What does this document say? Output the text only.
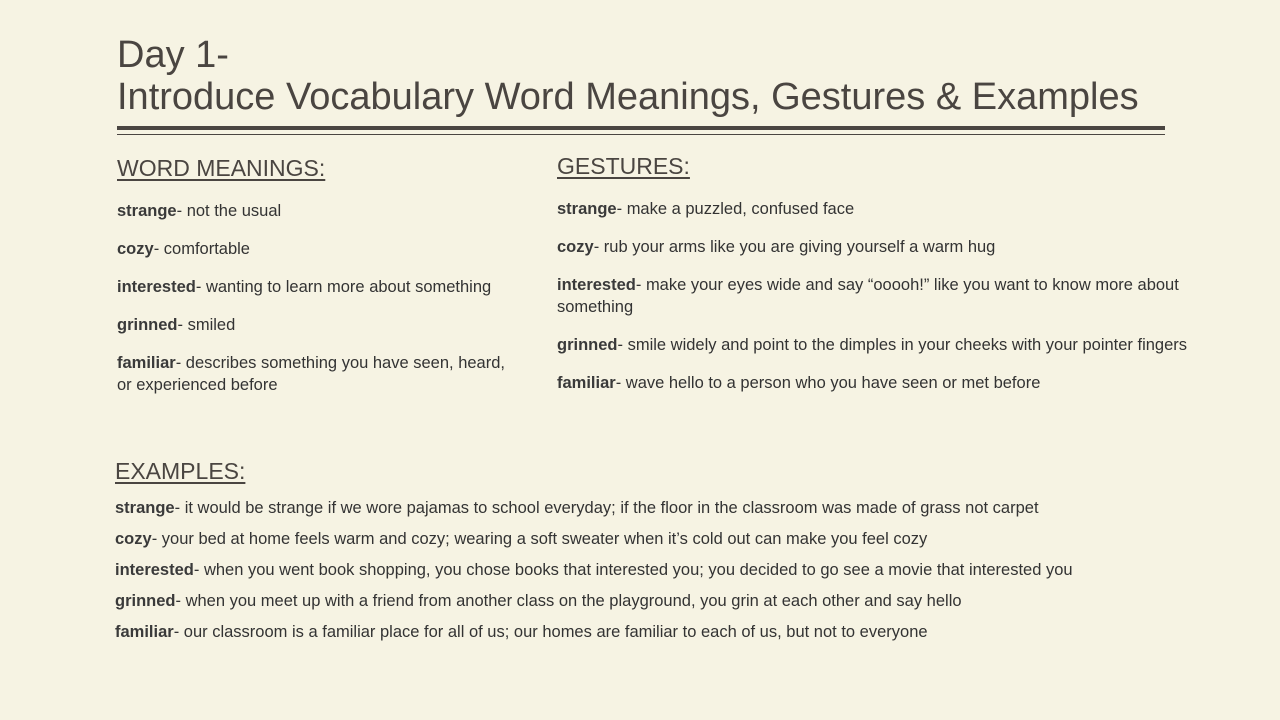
Day 1-
Introduce Vocabulary Word Meanings, Gestures & Examples
WORD MEANINGS:

strange- not the usual

cozy- comfortable

interested- wanting to learn more about something

grinned- smiled

familiar- describes something you have seen, heard, or experienced before

GESTURES:

strange- make a puzzled, confused face

cozy- rub your arms like you are giving yourself a warm hug

interested- make your eyes wide and say “ooooh!” like you want to know more about something

grinned- smile widely and point to the dimples in your cheeks with your pointer fingers

familiar- wave hello to a person who you have seen or met before

EXAMPLES:

strange- it would be strange if we wore pajamas to school everyday; if the floor in the classroom was made of grass not carpet

cozy- your bed at home feels warm and cozy; wearing a soft sweater when it’s cold out can make you feel cozy

interested- when you went book shopping, you chose books that interested you; you decided to go see a movie that interested you

grinned- when you meet up with a friend from another class on the playground, you grin at each other and say hello

familiar- our classroom is a familiar place for all of us; our homes are familiar to each of us, but not to everyone
